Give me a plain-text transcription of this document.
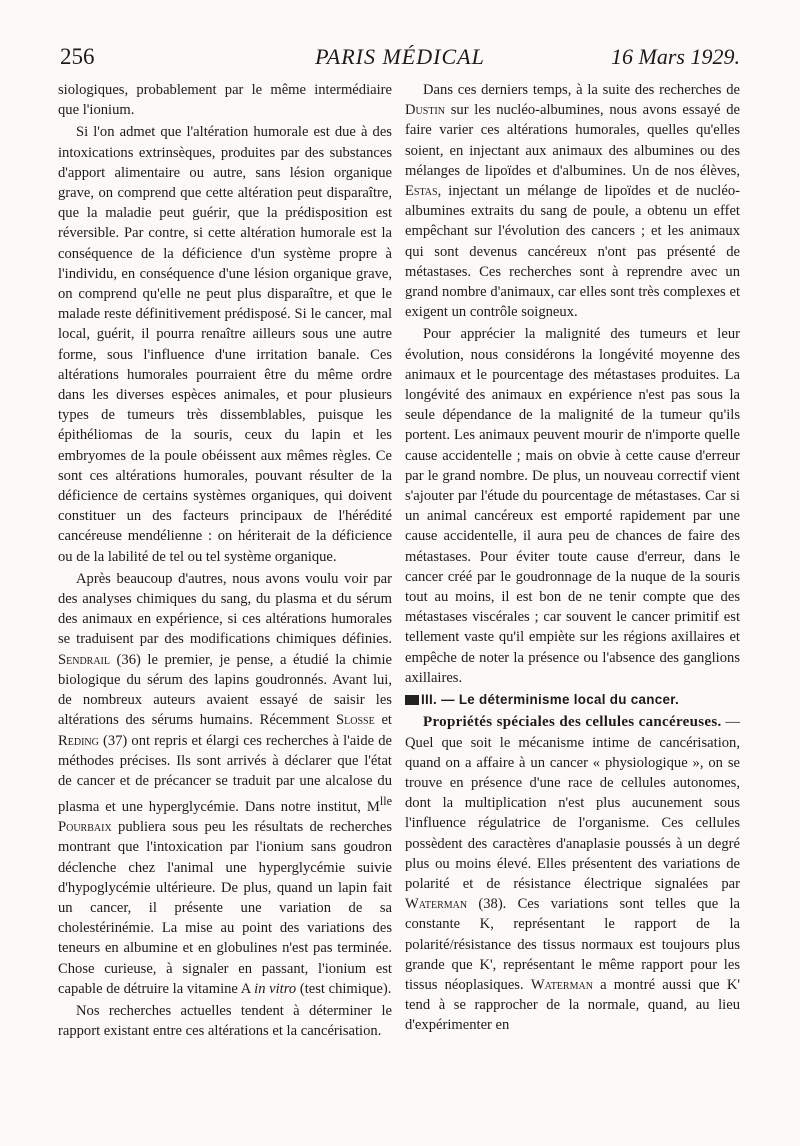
256	PARIS MÉDICAL	16 Mars 1929.

siologiques, probablement par le même intermédiaire que l'ionium.

Si l'on admet que l'altération humorale est due à des intoxications extrinsèques, produites par des substances d'apport alimentaire ou autre, sans lésion organique grave, on comprend que cette altération peut disparaître, que la maladie peut guérir, que la prédisposition est réversible. Par contre, si cette altération humorale est la conséquence de la déficience d'un système propre à l'individu, en conséquence d'une lésion organique grave, on comprend qu'elle ne peut plus disparaître, et que le malade reste définitivement prédisposé. Si le cancer, mal local, guérit, il pourra renaître ailleurs sous une autre forme, sous l'influence d'une irritation banale. Ces altérations humorales pourraient être du même ordre dans les diverses espèces animales, et pour plusieurs types de tumeurs très dissemblables, puisque les épithéliomas de la souris, ceux du lapin et les embryomes de la poule obéissent aux mêmes règles. Ce sont ces altérations humorales, pouvant résulter de la déficience de certains systèmes organiques, qui doivent constituer un des facteurs principaux de l'hérédité cancéreuse mendélienne : on hériterait de la déficience ou de la labilité de tel ou tel système organique.

Après beaucoup d'autres, nous avons voulu voir par des analyses chimiques du sang, du plasma et du sérum des animaux en expérience, si ces altérations humorales se traduisent par des modifications chimiques définies. Sendrail (36) le premier, je pense, a étudié la chimie biologique du sérum des lapins goudronnés. Avant lui, de nombreux auteurs avaient essayé de saisir les altérations des sérums humains. Récemment Slosse et Reding (37) ont repris et élargi ces recherches à l'aide de méthodes précises. Ils sont arrivés à déclarer que l'état de cancer et de précancer se traduit par une alcalose du plasma et une hyperglycémie. Dans notre institut, $M^{lle}$ Pourbaix publiera sous peu les résultats de recherches montrant que l'intoxication par l'ionium sans goudron déclenche chez l'animal une hyperglycémie suivie d'hypoglycémie ultérieure. De plus, quand un lapin fait un cancer, il présente une variation de sa cholestérinémie. La mise au point des variations des teneurs en albumine et en globulines n'est pas terminée. Chose curieuse, à signaler en passant, l'ionium est capable de détruire la vitamine A in vitro (test chimique).

Nos recherches actuelles tendent à déterminer le rapport existant entre ces altérations et la cancérisation.

Dans ces derniers temps, à la suite des recherches de Dustin sur les nucléo-albumines, nous avons essayé de faire varier ces altérations humorales, quelles qu'elles soient, en injectant aux animaux des albumines ou des mélanges de lipoïdes et d'albumines. Un de nos élèves, Estas, injectant un mélange de lipoïdes et de nucléo-albumines extraits du sang de poule, a obtenu un effet empêchant sur l'évolution des cancers ; et les animaux qui sont devenus cancéreux n'ont pas présenté de métastases. Ces recherches sont à reprendre avec un grand nombre d'animaux, car elles sont très complexes et exigent un contrôle soigneux.

Pour apprécier la malignité des tumeurs et leur évolution, nous considérons la longévité moyenne des animaux et le pourcentage des métastases produites. La longévité des animaux en expérience n'est pas sous la seule dépendance de la malignité de la tumeur qu'ils portent. Les animaux peuvent mourir de n'importe quelle cause accidentelle ; mais on obvie à cette cause d'erreur par le grand nombre. De plus, un nouveau correctif vient s'ajouter par l'étude du pourcentage de métastases. Car si un animal cancéreux est emporté rapidement par une cause accidentelle, il aura peu de chances de faire des métastases. Pour éviter toute cause d'erreur, dans le cancer créé par le goudronnage de la nuque de la souris tout au moins, il est bon de ne tenir compte que des métastases viscérales ; car souvent le cancer primitif est tellement vaste qu'il empiète sur les régions axillaires et empêche de noter la présence ou l'absence des ganglions axillaires.

III. — Le déterminisme local du cancer.

Propriétés spéciales des cellules cancéreuses. — Quel que soit le mécanisme intime de cancérisation, quand on a affaire à un cancer « physiologique », on se trouve en présence d'une race de cellules autonomes, dont la multiplication n'est plus aucunement sous l'influence régulatrice de l'organisme. Ces cellules possèdent des caractères d'anaplasie poussés à un degré plus ou moins élevé. Elles présentent des variations de polarité et de résistance électrique signalées par Waterman (38). Ces variations sont telles que la constante K, représentant le rapport de la polarité/résistance des tissus normaux est toujours plus grande que K', représentant le même rapport pour les tissus néoplasiques. Waterman a montré aussi que K' tend à se rapprocher de la normale, quand, au lieu d'expérimenter en
